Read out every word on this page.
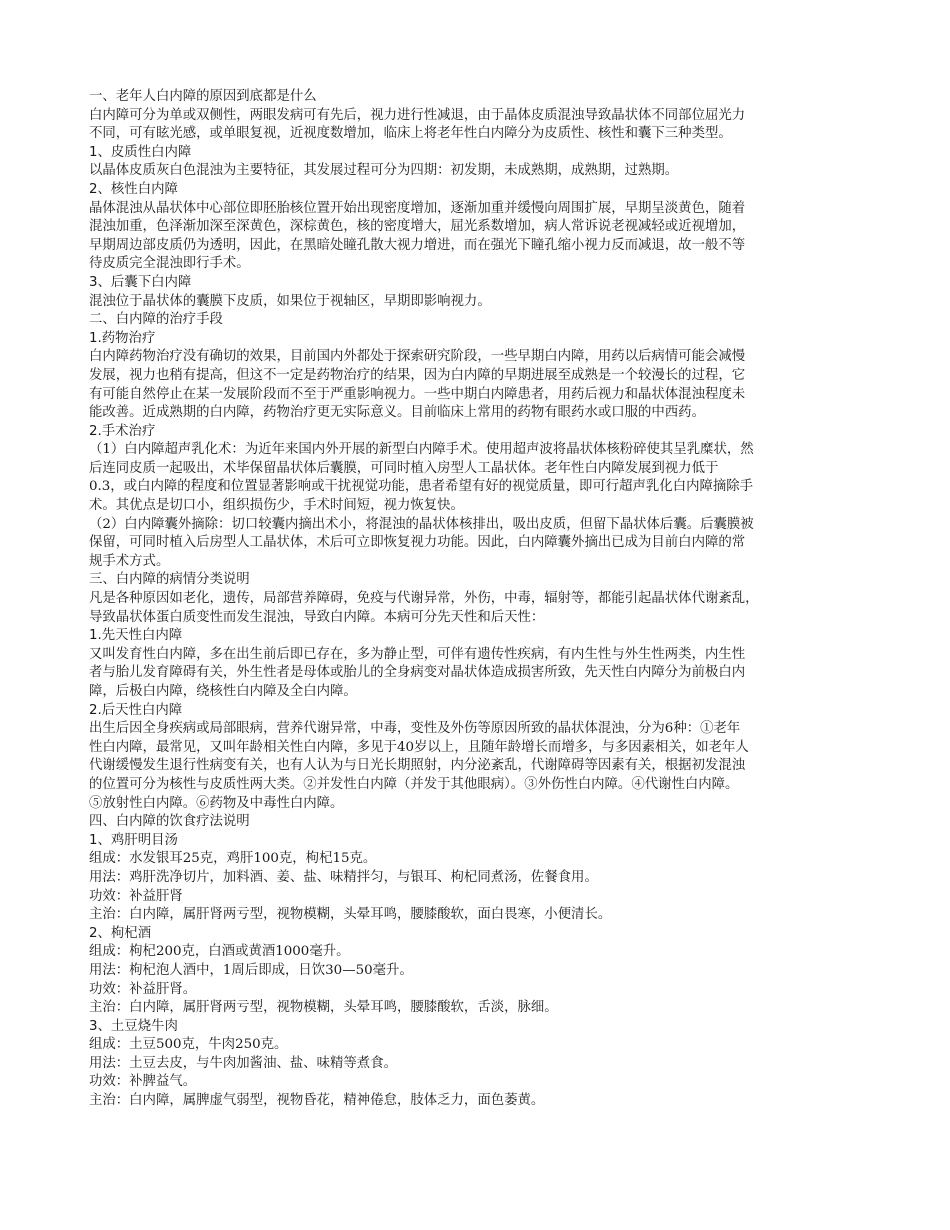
一、老年人白内障的原因到底都是什么
白内障可分为单或双侧性，两眼发病可有先后，视力进行性减退，由于晶体皮质混浊导致晶状体不同部位屈光力
不同，可有眩光感，或单眼复视，近视度数增加，临床上将老年性白内障分为皮质性、核性和囊下三种类型。
1、皮质性白内障
以晶体皮质灰白色混浊为主要特征，其发展过程可分为四期：初发期，未成熟期，成熟期，过熟期。
2、核性白内障
晶体混浊从晶状体中心部位即胚胎核位置开始出现密度增加，逐渐加重并缓慢向周围扩展，早期呈淡黄色，随着
混浊加重，色泽渐加深至深黄色，深棕黄色，核的密度增大，屈光系数增加，病人常诉说老视减轻或近视增加，
早期周边部皮质仍为透明，因此，在黑暗处瞳孔散大视力增进，而在强光下瞳孔缩小视力反而减退，故一般不等
待皮质完全混浊即行手术。
3、后囊下白内障
混浊位于晶状体的囊膜下皮质，如果位于视轴区，早期即影响视力。
二、白内障的治疗手段
1.药物治疗
白内障药物治疗没有确切的效果，目前国内外都处于探索研究阶段，一些早期白内障，用药以后病情可能会减慢
发展，视力也稍有提高，但这不一定是药物治疗的结果，因为白内障的早期进展至成熟是一个较漫长的过程，它
有可能自然停止在某一发展阶段而不至于严重影响视力。一些中期白内障患者，用药后视力和晶状体混浊程度未
能改善。近成熟期的白内障，药物治疗更无实际意义。目前临床上常用的药物有眼药水或口服的中西药。
2.手术治疗
（1）白内障超声乳化术：为近年来国内外开展的新型白内障手术。使用超声波将晶状体核粉碎使其呈乳糜状，然
后连同皮质一起吸出，术毕保留晶状体后囊膜，可同时植入房型人工晶状体。老年性白内障发展到视力低于
0.3，或白内障的程度和位置显著影响或干扰视觉功能，患者希望有好的视觉质量，即可行超声乳化白内障摘除手
术。其优点是切口小，组织损伤少，手术时间短，视力恢复快。
（2）白内障囊外摘除：切口较囊内摘出术小，将混浊的晶状体核排出，吸出皮质，但留下晶状体后囊。后囊膜被
保留，可同时植入后房型人工晶状体，术后可立即恢复视力功能。因此，白内障囊外摘出已成为目前白内障的常
规手术方式。
三、白内障的病情分类说明
凡是各种原因如老化，遗传，局部营养障碍，免疫与代谢异常，外伤，中毒，辐射等，都能引起晶状体代谢紊乱，
导致晶状体蛋白质变性而发生混浊，导致白内障。本病可分先天性和后天性：
1.先天性白内障
又叫发育性白内障，多在出生前后即已存在，多为静止型，可伴有遗传性疾病，有内生性与外生性两类，内生性
者与胎儿发育障碍有关，外生性者是母体或胎儿的全身病变对晶状体造成损害所致，先天性白内障分为前极白内
障，后极白内障，绕核性白内障及全白内障。
2.后天性白内障
出生后因全身疾病或局部眼病，营养代谢异常，中毒，变性及外伤等原因所致的晶状体混浊，分为6种：①老年
性白内障，最常见，又叫年龄相关性白内障，多见于40岁以上，且随年龄增长而增多，与多因素相关，如老年人
代谢缓慢发生退行性病变有关，也有人认为与日光长期照射，内分泌紊乱，代谢障碍等因素有关，根据初发混浊
的位置可分为核性与皮质性两大类。②并发性白内障（并发于其他眼病）。③外伤性白内障。④代谢性白内障。
⑤放射性白内障。⑥药物及中毒性白内障。
四、白内障的饮食疗法说明
1、鸡肝明目汤
组成：水发银耳25克，鸡肝100克，枸杞15克。
用法：鸡肝洗净切片，加料酒、姜、盐、味精拌匀，与银耳、枸杞同煮汤，佐餐食用。
功效：补益肝肾
主治：白内障，属肝肾两亏型，视物模糊，头晕耳鸣，腰膝酸软，面白畏寒，小便清长。
2、枸杞酒
组成：枸杞200克，白酒或黄酒1000毫升。
用法：枸杞泡人酒中，1周后即成，日饮30—50毫升。
功效：补益肝肾。
主治：白内障，属肝肾两亏型，视物模糊，头晕耳鸣，腰膝酸软，舌淡，脉细。
3、土豆烧牛肉
组成：土豆500克，牛肉250克。
用法：土豆去皮，与牛肉加酱油、盐、味精等煮食。
功效：补脾益气。
主治：白内障，属脾虚气弱型，视物昏花，精神倦怠，肢体乏力，面色萎黄。
